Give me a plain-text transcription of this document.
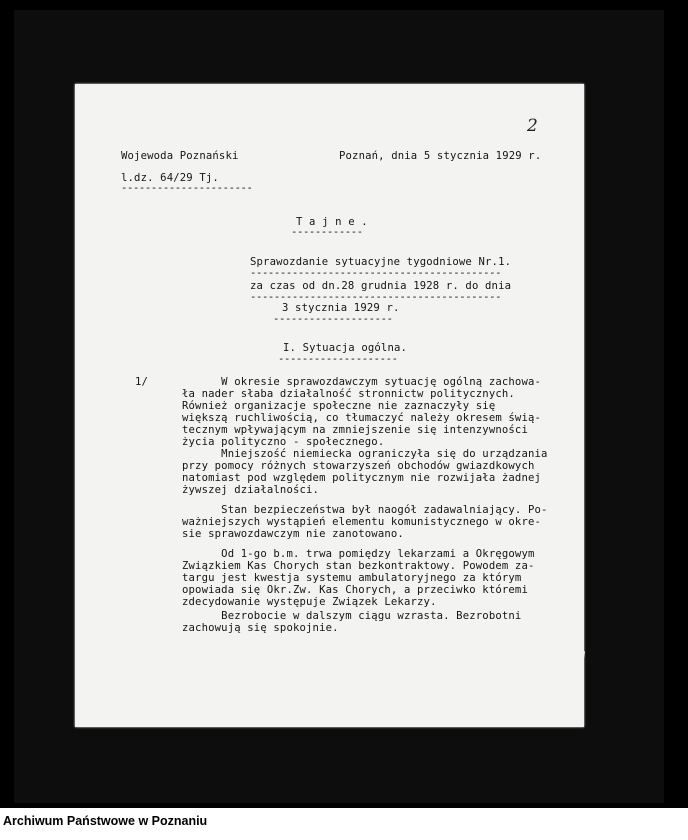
2
Wojewoda Poznański	Poznań, dnia 5 stycznia 1929 r.
l.dz. 64/29 Tj.
----------------------
T a j n e .
------------
Sprawozdanie sytuacyjne tygodniowe Nr.1.
------------------------------------------
za czas od dn.28 grudnia 1928 r. do dnia
------------------------------------------
3 stycznia 1929 r.
--------------------
I. Sytuacja ogólna.
--------------------
1/	W okresie sprawozdawczym sytuację ogólną zachowa-
ła nader słaba działalność stronnictw politycznych.
Również organizacje społeczne nie zaznaczyły się
większą ruchliwością, co tłumaczyć należy okresem świą-
tecznym wpływającym na zmniejszenie się intenzywności
życia polityczno - społecznego.
Mniejszość niemiecka ograniczyła się do urządzania
przy pomocy różnych stowarzyszeń obchodów gwiazdkowych
natomiast pod względem politycznym nie rozwijała żadnej
żywszej działalności.
Stan bezpieczeństwa był naogół zadawalniający. Po-
ważniejszych wystąpień elementu komunistycznego w okre-
sie sprawozdawczym nie zanotowano.
Od 1-go b.m. trwa pomiędzy lekarzami a Okręgowym
Związkiem Kas Chorych stan bezkontraktowy. Powodem za-
targu jest kwestja systemu ambulatoryjnego za którym
opowiada się Okr.Zw. Kas Chorych, a przeciwko któremi
zdecydowanie występuje Związek Lekarzy.
Bezrobocie w dalszym ciągu wzrasta. Bezrobotni
zachowują się spokojnie.
Archiwum Państwowe w Poznaniu
